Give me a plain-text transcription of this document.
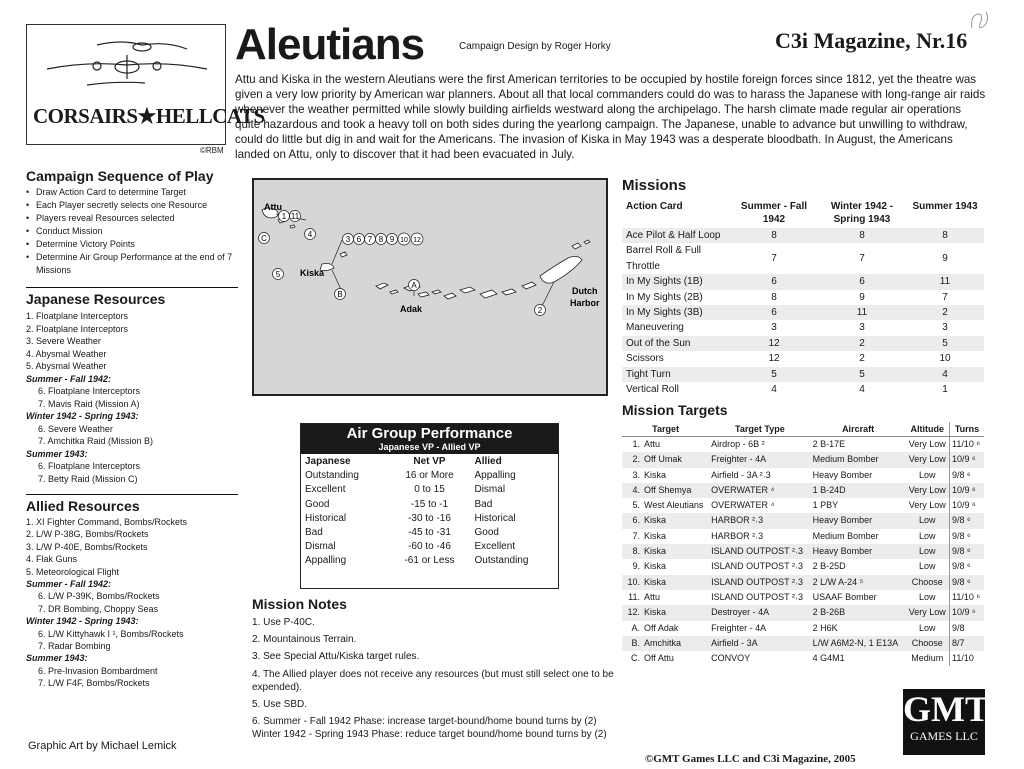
CORSAIRS★HELLCATS
©RBM
Aleutians	Campaign Design by Roger Horky	C3i Magazine, Nr.16
Attu and Kiska in the western Aleutians were the first American territories to be occupied by hostile foreign forces since 1812, yet the theatre was given a very low priority by American war planners. About all that local commanders could do was to harass the Japanese with long-range air raids whenever the weather permitted while slowly building airfields westward along the archipelago. The harsh climate made regular air operations quite hazardous and took a heavy toll on both sides during the yearlong campaign. The Japanese, unable to advance but unwilling to withdraw, could do little but dig in and wait for the Americans. The invasion of Kiska in May 1943 was a desperate bloodbath. In August, the Americans landed on Attu, only to discover that it had been evacuated in July.
Campaign Sequence of Play
• Draw Action Card to determine Target
• Each Player secretly selects one Resource
• Players reveal Resources selected
• Conduct Mission
• Determine Victory Points
• Determine Air Group Performance at the end of 7 Missions
Japanese Resources
1. Floatplane Interceptors
2. Floatplane Interceptors
3. Severe Weather
4. Abysmal Weather
5. Abysmal Weather
Summer - Fall 1942:
6. Floatplane Interceptors
7. Mavis Raid (Mission A)
Winter 1942 - Spring 1943:
6. Severe Weather
7. Amchitka Raid (Mission B)
Summer 1943:
6. Floatplane Interceptors
7. Betty Raid (Mission C)
Allied Resources
1. XI Fighter Command, Bombs/Rockets
2. L/W P-38G, Bombs/Rockets
3. L/W P-40E, Bombs/Rockets
4. Flak Guns
5. Meteorological Flight
Summer - Fall 1942:
6. L/W P-39K, Bombs/Rockets
7. DR Bombing, Choppy Seas
Winter 1942 - Spring 1943:
6. L/W Kittyhawk I ¹, Bombs/Rockets
7. Radar Bombing
Summer 1943:
6. Pre-Invasion Bombardment
7. L/W F4F, Bombs/Rockets
1 11
4
C
5
B
A
2
3 6 7 8 9 10 12
Attu
Kiska
Adak
Dutch
Harbor
Air Group Performance
Japanese VP - Allied VP
Japanese	Net VP	Allied
Outstanding	16 or More	Appalling
Excellent	0 to 15	Dismal
Good	-15 to -1	Bad
Historical	-30 to -16	Historical
Bad	-45 to -31	Good
Dismal	-60 to -46	Excellent
Appalling	-61 or Less	Outstanding
Mission Notes
1. Use P-40C.
2. Mountainous Terrain.
3. See Special Attu/Kiska target rules.
4. The Allied player does not receive any resources (but must still select one to be expended).
5. Use SBD.
6. Summer - Fall 1942 Phase: increase target-bound/home bound turns by (2) Winter 1942 - Spring 1943 Phase: reduce target bound/home bound turns by (2)
Missions
Action Card	Summer - Fall 1942	Winter 1942 - Spring 1943	Summer 1943
Ace Pilot & Half Loop	8	8	8
Barrel Roll & Full Throttle	7	7	9
In My Sights (1B)	6	6	11
In My Sights (2B)	8	9	7
In My Sights (3B)	6	11	2
Maneuvering	3	3	3
Out of the Sun	12	2	5
Scissors	12	2	10
Tight Turn	5	5	4
Vertical Roll	4	4	1
Mission Targets
Target		Target Type	Aircraft	Altitude	Turns
1.	Attu	Airdrop - 6B ²	2 B-17E	Very Low	11/10 ⁶
2.	Off Umak	Freighter - 4A	Medium Bomber	Very Low	10/9 ⁶
3.	Kiska	Airfield - 3A ²˒3	Heavy Bomber	Low	9/8 ⁶
4.	Off Shemya	OVERWATER ⁴	1 B-24D	Very Low	10/9 ⁶
5.	West Aleutians	OVERWATER ⁴	1 PBY	Very Low	10/9 ⁶
6.	Kiska	HARBOR ²˒3	Heavy Bomber	Low	9/8 ⁶
7.	Kiska	HARBOR ²˒3	Medium Bomber	Low	9/8 ⁶
8.	Kiska	ISLAND OUTPOST ²˒3	Heavy Bomber	Low	9/8 ⁶
9.	Kiska	ISLAND OUTPOST ²˒3	2 B-25D	Low	9/8 ⁶
10.	Kiska	ISLAND OUTPOST ²˒3	2 L/W A-24 ⁵	Choose	9/8 ⁶
11.	Attu	ISLAND OUTPOST ²˒3	USAAF Bomber	Low	11/10 ⁶
12.	Kiska	Destroyer - 4A	2 B-26B	Very Low	10/9 ⁶
A.	Off Adak	Freighter - 4A	2 H6K	Low	9/8
B.	Amchitka	Airfield - 3A	L/W A6M2-N, 1 E13A	Choose	8/7
C.	Off Attu	CONVOY	4 G4M1	Medium	11/10
Graphic Art by Michael Lemick
GMT
GAMES LLC
©GMT Games LLC and C3i Magazine, 2005
